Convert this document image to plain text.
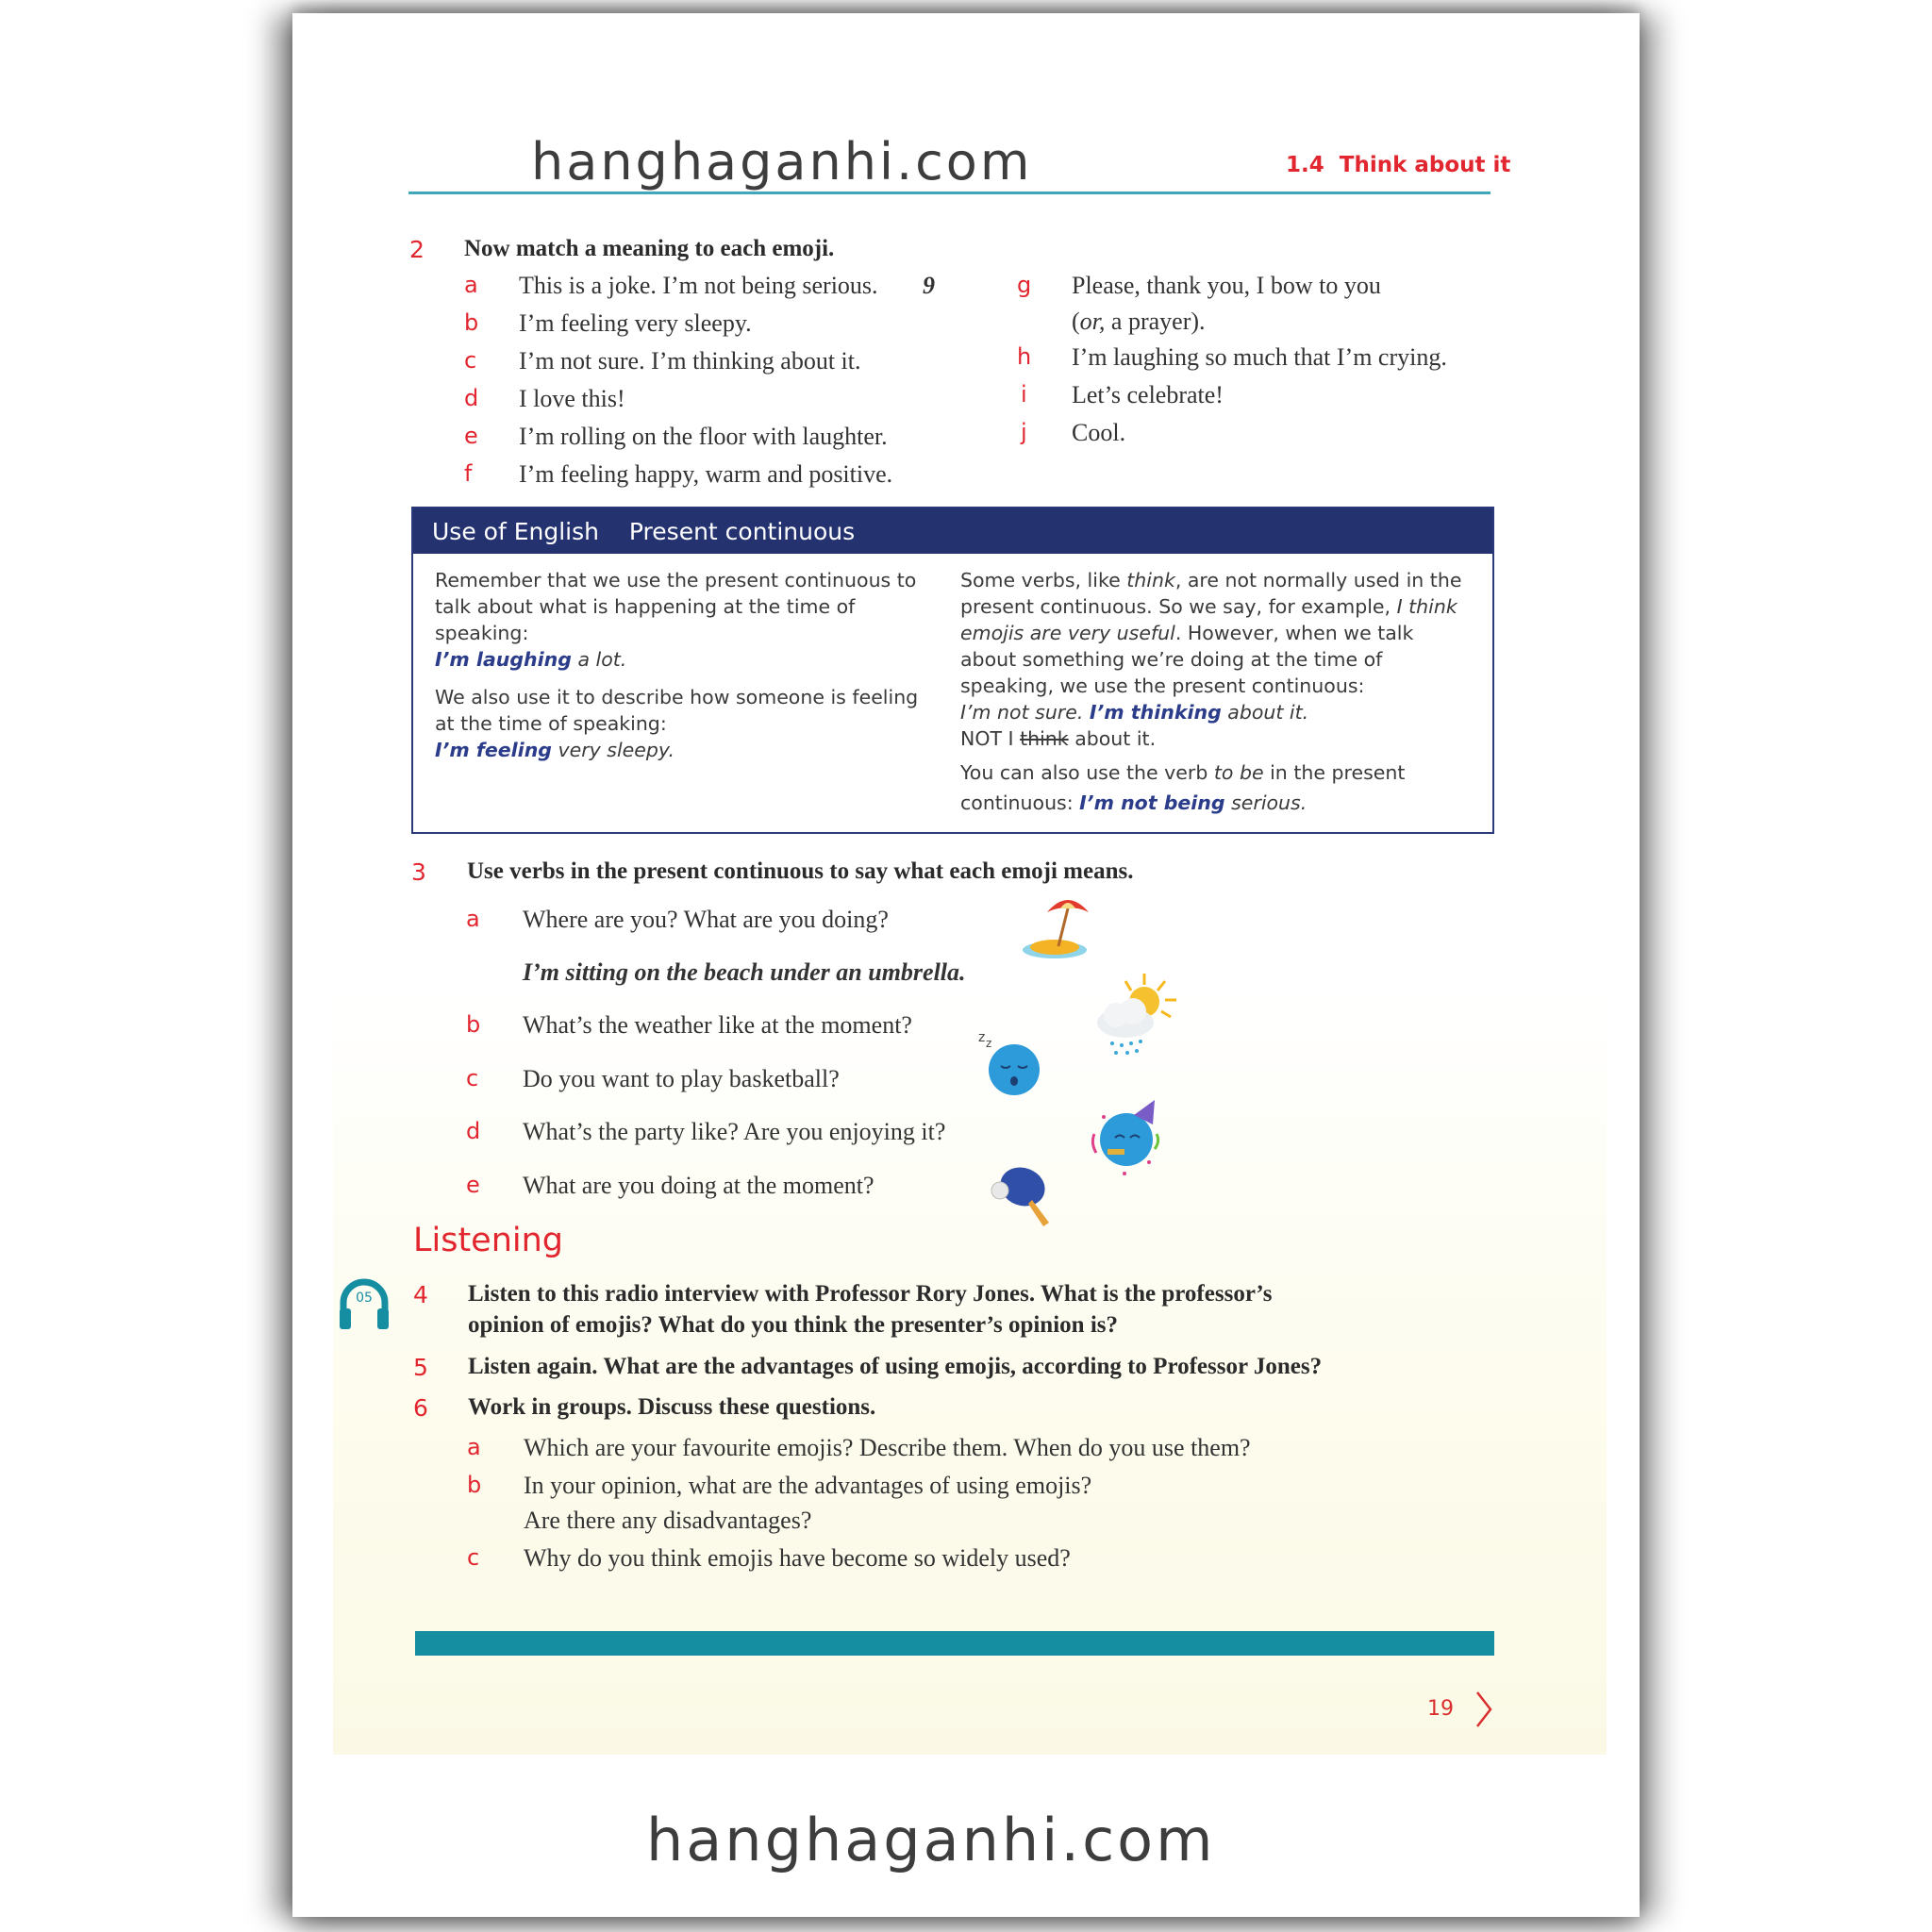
hanghaganhi.com	1.4  Think about it
2 Now match a meaning to each emoji.
a This is a joke. I’m not being serious. 9
b I’m feeling very sleepy.
c I’m not sure. I’m thinking about it.
d I love this!
e I’m rolling on the floor with laughter.
f I’m feeling happy, warm and positive.
g Please, thank you, I bow to you
(or, a prayer).
h I’m laughing so much that I’m crying.
i Let’s celebrate!
j Cool.
Use of English Present continuous

Remember that we use the present continuous to talk about what is happening at the time of speaking:
I’m laughing a lot.

We also use it to describe how someone is feeling at the time of speaking:
I’m feeling very sleepy.

Some verbs, like think, are not normally used in the present continuous. So we say, for example, I think emojis are very useful. However, when we talk about something we’re doing at the time of speaking, we use the present continuous:
I’m not sure. I’m thinking about it.
NOT I think about it.

You can also use the verb to be in the present continuous: I’m not being serious.

3 Use verbs in the present continuous to say what each emoji means.
a Where are you? What are you doing?
I’m sitting on the beach under an umbrella.
b What’s the weather like at the moment?
c Do you want to play basketball?
d What’s the party like? Are you enjoying it?
e What are you doing at the moment?
z z
Listening
05 4 Listen to this radio interview with Professor Rory Jones. What is the professor’s
opinion of emojis? What do you think the presenter’s opinion is?
5 Listen again. What are the advantages of using emojis, according to Professor Jones?
6 Work in groups. Discuss these questions.
a Which are your favourite emojis? Describe them. When do you use them?
b In your opinion, what are the advantages of using emojis?
Are there any disadvantages?
c Why do you think emojis have become so widely used?
19
hanghaganhi.com
